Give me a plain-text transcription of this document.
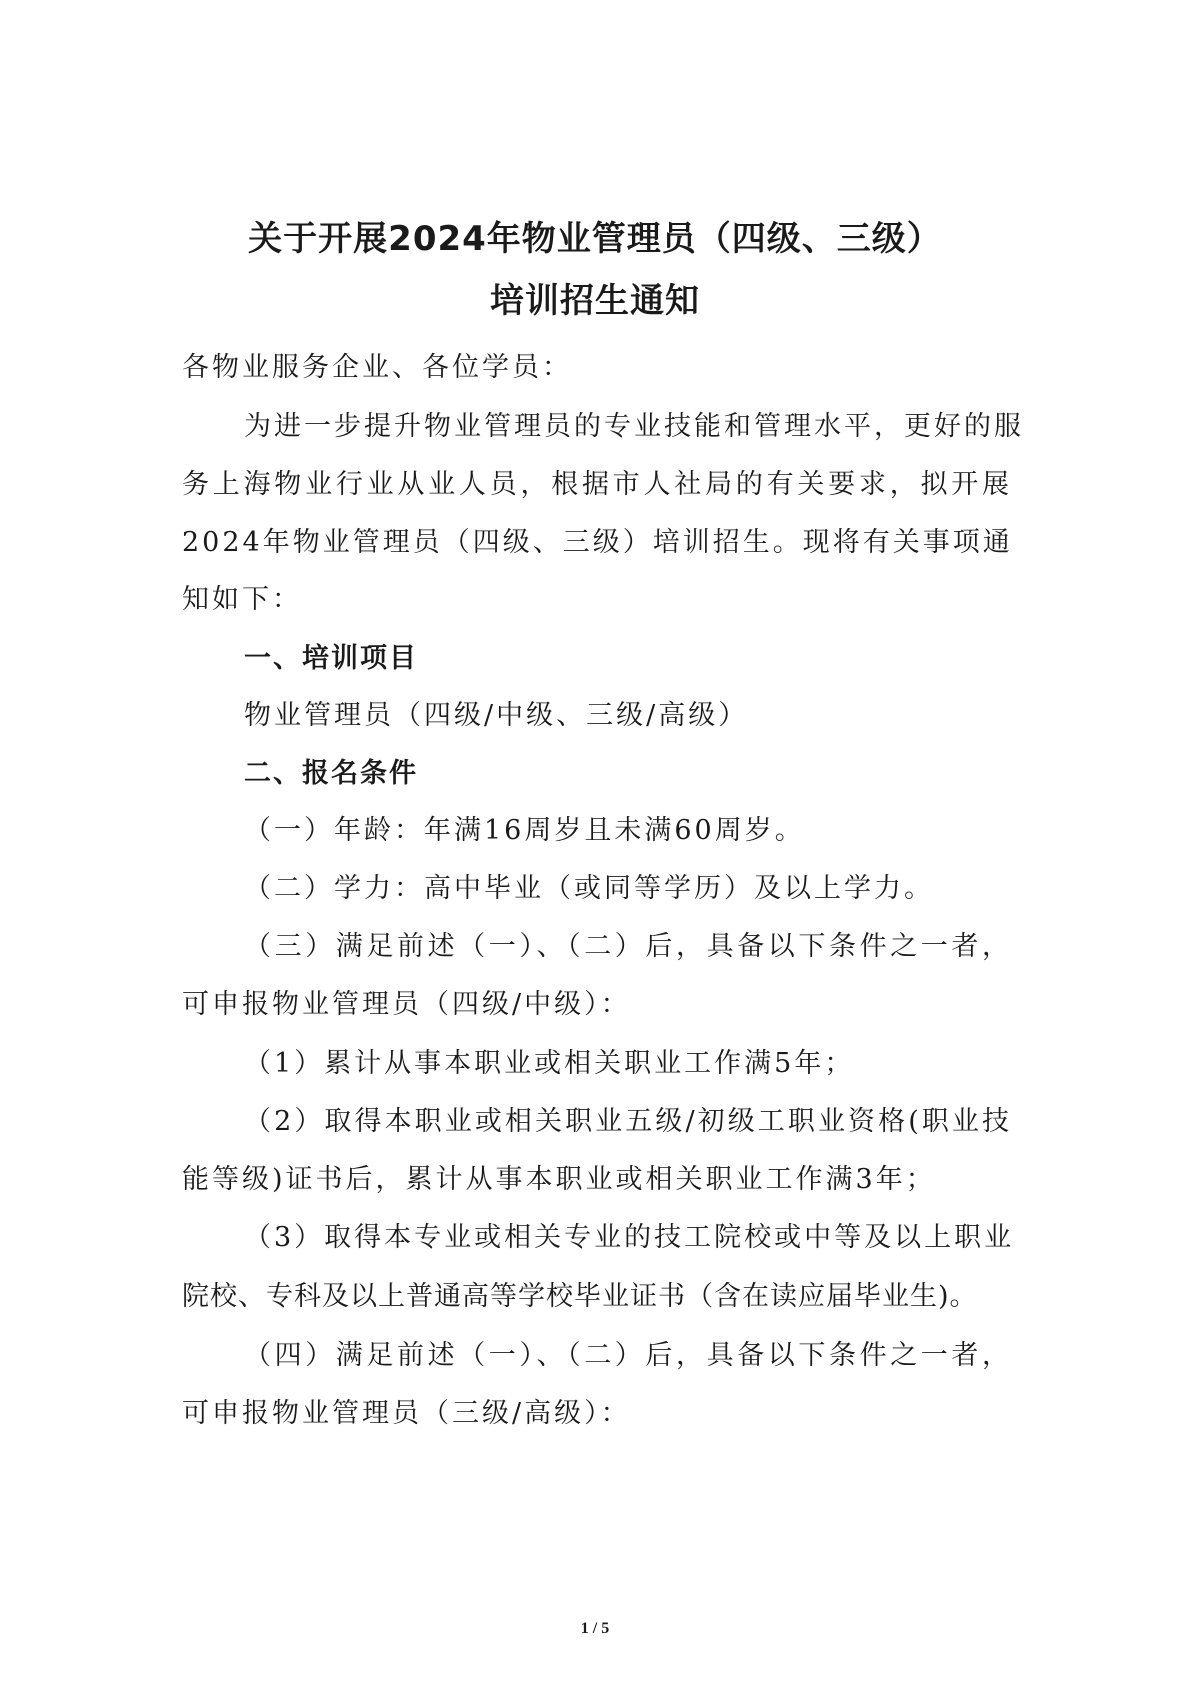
关于开展2024年物业管理员（四级、三级）
培训招生通知
各物业服务企业、各位学员：
为进一步提升物业管理员的专业技能和管理水平，更好的服
务上海物业行业从业人员，根据市人社局的有关要求，拟开展
2024年物业管理员（四级、三级）培训招生。现将有关事项通
知如下：
一、培训项目
物业管理员（四级/中级、三级/高级）
二、报名条件
（一）年龄：年满16周岁且未满60周岁。
（二）学力：高中毕业（或同等学历）及以上学力。
（三）满足前述（一）、（二）后，具备以下条件之一者，
可申报物业管理员（四级/中级）：
（1）累计从事本职业或相关职业工作满5年；
（2）取得本职业或相关职业五级/初级工职业资格(职业技
能等级)证书后，累计从事本职业或相关职业工作满3年；
（3）取得本专业或相关专业的技工院校或中等及以上职业
院校、专科及以上普通高等学校毕业证书（含在读应届毕业生)。
（四）满足前述（一）、（二）后，具备以下条件之一者，
可申报物业管理员（三级/高级）：
1 / 5
